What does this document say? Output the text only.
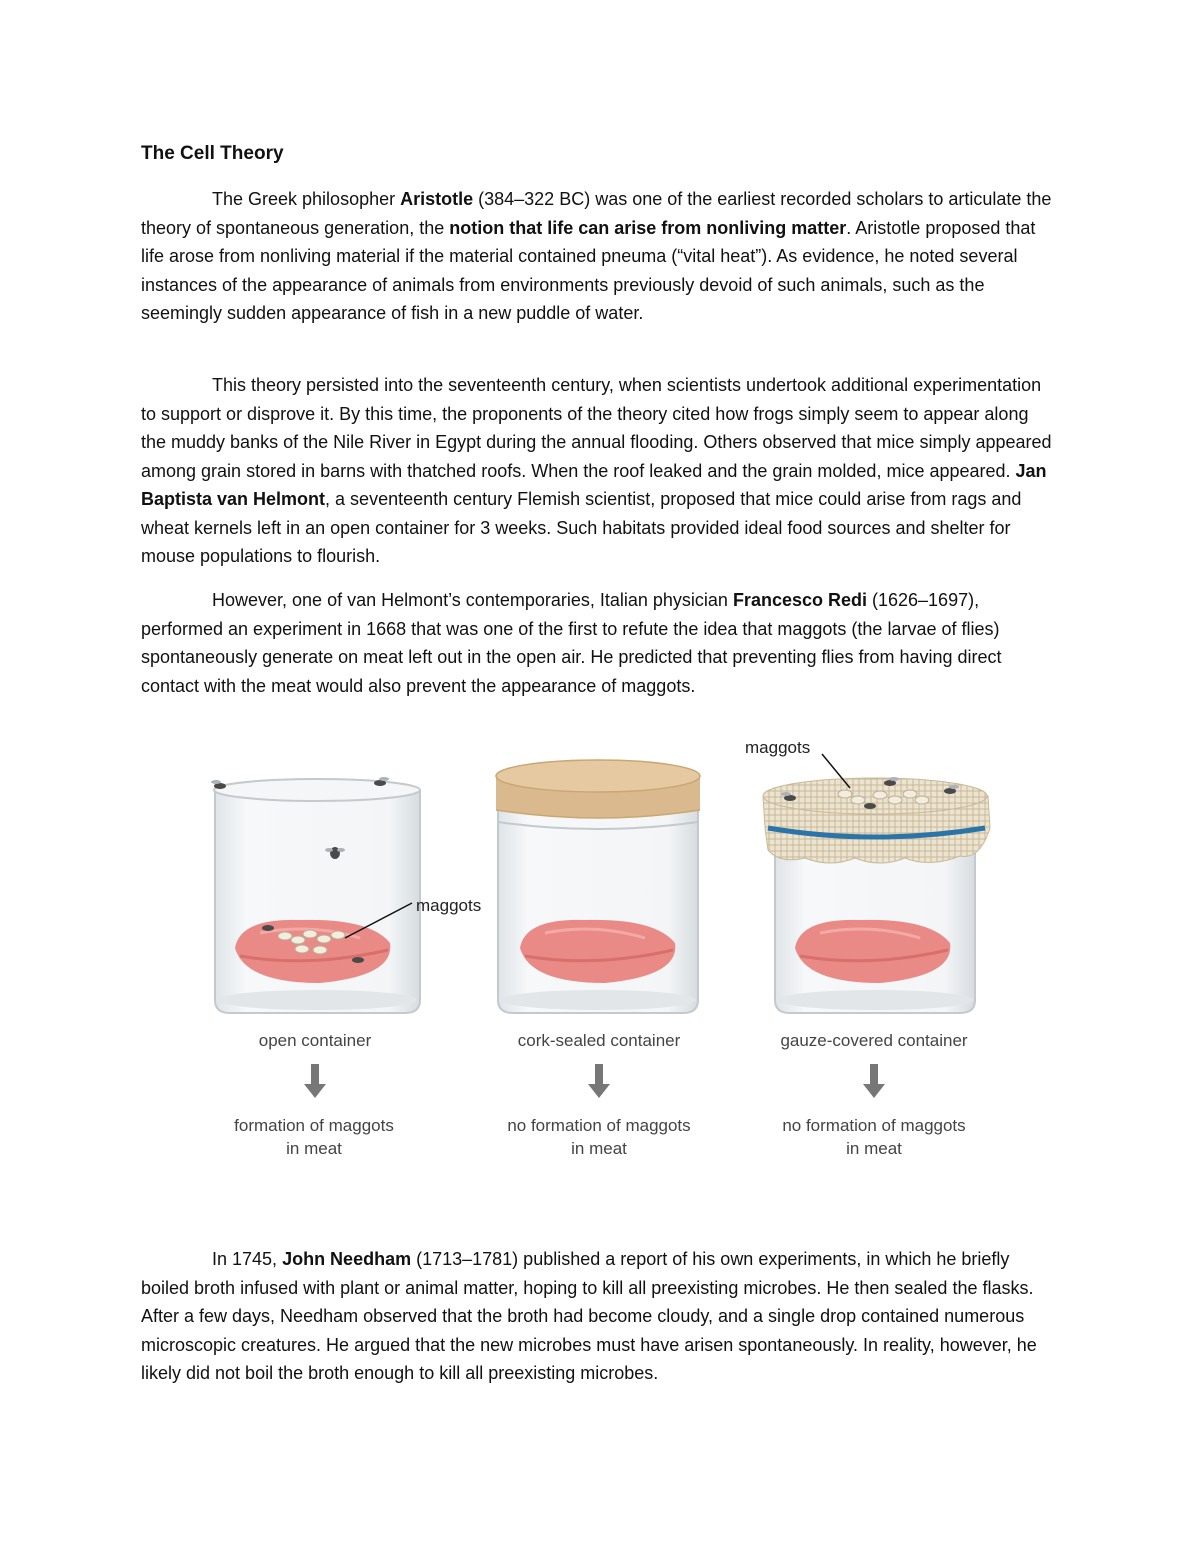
The Cell Theory

The Greek philosopher Aristotle (384–322 BC) was one of the earliest recorded scholars to articulate the theory of spontaneous generation, the notion that life can arise from nonliving matter. Aristotle proposed that life arose from nonliving material if the material contained pneuma (“vital heat”). As evidence, he noted several instances of the appearance of animals from environments previously devoid of such animals, such as the seemingly sudden appearance of fish in a new puddle of water.

This theory persisted into the seventeenth century, when scientists undertook additional experimentation to support or disprove it. By this time, the proponents of the theory cited how frogs simply seem to appear along the muddy banks of the Nile River in Egypt during the annual flooding. Others observed that mice simply appeared among grain stored in barns with thatched roofs. When the roof leaked and the grain molded, mice appeared. Jan Baptista van Helmont, a seventeenth century Flemish scientist, proposed that mice could arise from rags and wheat kernels left in an open container for 3 weeks. Such habitats provided ideal food sources and shelter for mouse populations to flourish.

However, one of van Helmont’s contemporaries, Italian physician Francesco Redi (1626–1697), performed an experiment in 1668 that was one of the first to refute the idea that maggots (the larvae of flies) spontaneously generate on meat left out in the open air. He predicted that preventing flies from having direct contact with the meat would also prevent the appearance of maggots.

maggots
maggots
open container	cork-sealed container	gauze-covered container
formation of maggots
in meat
no formation of maggots
in meat
no formation of maggots
in meat

In 1745, John Needham (1713–1781) published a report of his own experiments, in which he briefly boiled broth infused with plant or animal matter, hoping to kill all preexisting microbes. He then sealed the flasks. After a few days, Needham observed that the broth had become cloudy, and a single drop contained numerous microscopic creatures. He argued that the new microbes must have arisen spontaneously. In reality, however, he likely did not boil the broth enough to kill all preexisting microbes.
